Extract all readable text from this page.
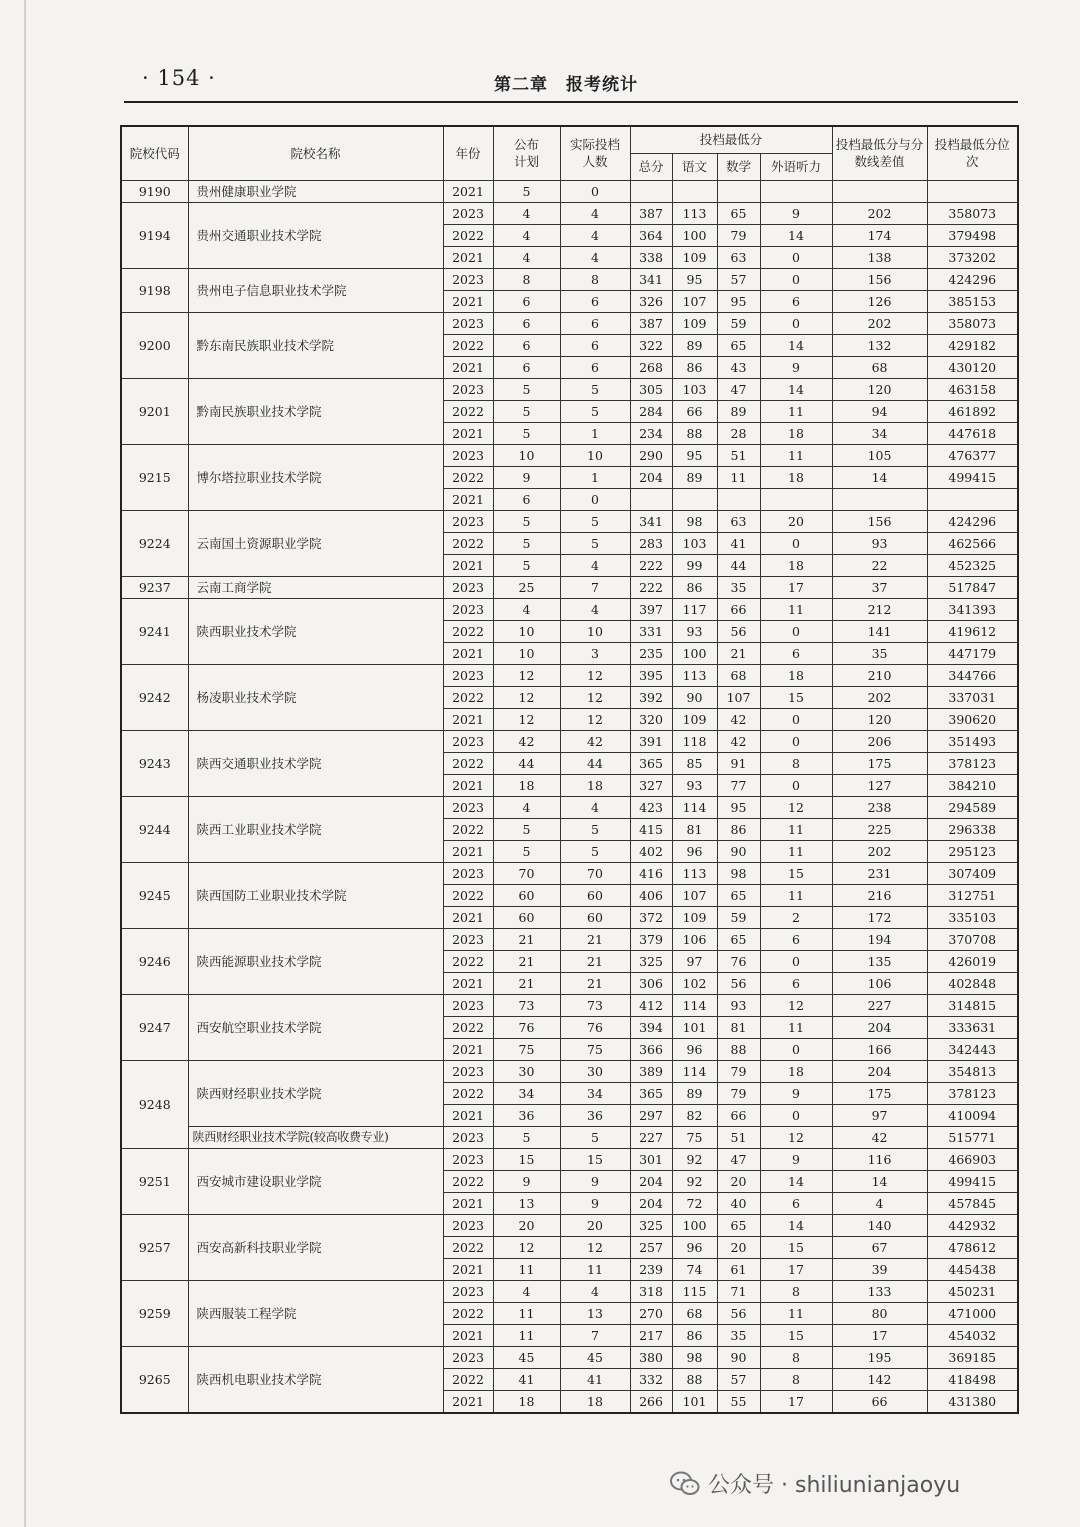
· 154 ·	第二章　报考统计
院校代码	院校名称	年份	公布计划	实际投档人数	投档最低分				投档最低分与分数线差值	投档最低分位次
					总分	语文	数学	外语听力		
9190	贵州健康职业学院	2021	5	0						
9194	贵州交通职业技术学院	2023	4	4	387	113	65	9	202	358073
		2022	4	4	364	100	79	14	174	379498
		2021	4	4	338	109	63	0	138	373202
9198	贵州电子信息职业技术学院	2023	8	8	341	95	57	0	156	424296
		2021	6	6	326	107	95	6	126	385153
9200	黔东南民族职业技术学院	2023	6	6	387	109	59	0	202	358073
		2022	6	6	322	89	65	14	132	429182
		2021	6	6	268	86	43	9	68	430120
9201	黔南民族职业技术学院	2023	5	5	305	103	47	14	120	463158
		2022	5	5	284	66	89	11	94	461892
		2021	5	1	234	88	28	18	34	447618
9215	博尔塔拉职业技术学院	2023	10	10	290	95	51	11	105	476377
		2022	9	1	204	89	11	18	14	499415
		2021	6	0						
9224	云南国土资源职业学院	2023	5	5	341	98	63	20	156	424296
		2022	5	5	283	103	41	0	93	462566
		2021	5	4	222	99	44	18	22	452325
9237	云南工商学院	2023	25	7	222	86	35	17	37	517847
9241	陕西职业技术学院	2023	4	4	397	117	66	11	212	341393
		2022	10	10	331	93	56	0	141	419612
		2021	10	3	235	100	21	6	35	447179
9242	杨凌职业技术学院	2023	12	12	395	113	68	18	210	344766
		2022	12	12	392	90	107	15	202	337031
		2021	12	12	320	109	42	0	120	390620
9243	陕西交通职业技术学院	2023	42	42	391	118	42	0	206	351493
		2022	44	44	365	85	91	8	175	378123
		2021	18	18	327	93	77	0	127	384210
9244	陕西工业职业技术学院	2023	4	4	423	114	95	12	238	294589
		2022	5	5	415	81	86	11	225	296338
		2021	5	5	402	96	90	11	202	295123
9245	陕西国防工业职业技术学院	2023	70	70	416	113	98	15	231	307409
		2022	60	60	406	107	65	11	216	312751
		2021	60	60	372	109	59	2	172	335103
9246	陕西能源职业技术学院	2023	21	21	379	106	65	6	194	370708
		2022	21	21	325	97	76	0	135	426019
		2021	21	21	306	102	56	6	106	402848
9247	西安航空职业技术学院	2023	73	73	412	114	93	12	227	314815
		2022	76	76	394	101	81	11	204	333631
		2021	75	75	366	96	88	0	166	342443
9248	陕西财经职业技术学院	2023	30	30	389	114	79	18	204	354813
		2022	34	34	365	89	79	9	175	378123
		2021	36	36	297	82	66	0	97	410094
	陕西财经职业技术学院(较高收费专业)	2023	5	5	227	75	51	12	42	515771
9251	西安城市建设职业学院	2023	15	15	301	92	47	9	116	466903
		2022	9	9	204	92	20	14	14	499415
		2021	13	9	204	72	40	6	4	457845
9257	西安高新科技职业学院	2023	20	20	325	100	65	14	140	442932
		2022	12	12	257	96	20	15	67	478612
		2021	11	11	239	74	61	17	39	445438
9259	陕西服装工程学院	2023	4	4	318	115	71	8	133	450231
		2022	11	13	270	68	56	11	80	471000
		2021	11	7	217	86	35	15	17	454032
9265	陕西机电职业技术学院	2023	45	45	380	98	90	8	195	369185
		2022	41	41	332	88	57	8	142	418498
		2021	18	18	266	101	55	17	66	431380
公众号 · shiliunianjaoyu
